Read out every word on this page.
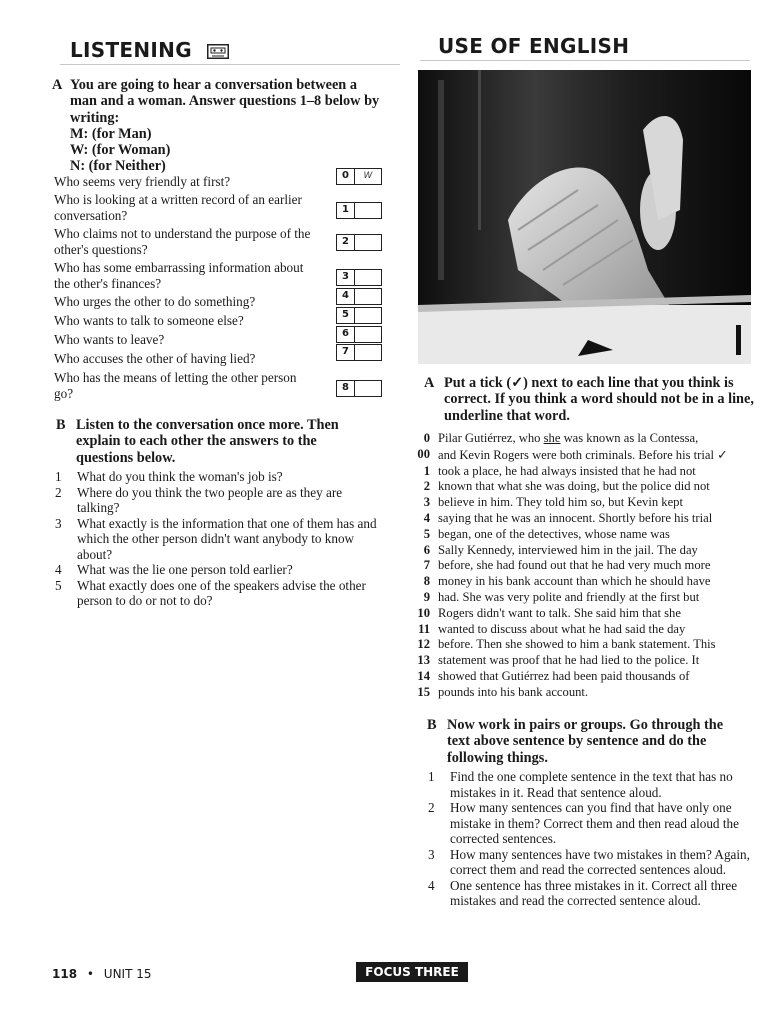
LISTENING
A You are going to hear a conversation between a man and a woman. Answer questions 1–8 below by writing:
M: (for Man)
W: (for Woman)
N: (for Neither)
Who seems very friendly at first?	0	W
Who is looking at a written record of an earlier conversation?	1
Who claims not to understand the purpose of the other's questions?	2
Who has some embarrassing information about the other's finances?	3
Who urges the other to do something?	4
Who wants to talk to someone else?	5
Who wants to leave?	6
Who accuses the other of having lied?	7
Who has the means of letting the other person go?	8
B Listen to the conversation once more. Then explain to each other the answers to the questions below.
1 What do you think the woman's job is?
2 Where do you think the two people are as they are talking?
3 What exactly is the information that one of them has and which the other person didn't want anybody to know about?
4 What was the lie one person told earlier?
5 What exactly does one of the speakers advise the other person to do or not to do?
USE OF ENGLISH
A Put a tick (✓) next to each line that you think is correct. If you think a word should not be in a line, underline that word.
0 Pilar Gutiérrez, who she was known as la Contessa,
00 and Kevin Rogers were both criminals. Before his trial ✓
1 took a place, he had always insisted that he had not
2 known that what she was doing, but the police did not
3 believe in him. They told him so, but Kevin kept
4 saying that he was an innocent. Shortly before his trial
5 began, one of the detectives, whose name was
6 Sally Kennedy, interviewed him in the jail. The day
7 before, she had found out that he had very much more
8 money in his bank account than which he should have
9 had. She was very polite and friendly at the first but
10 Rogers didn't want to talk. She said him that she
11 wanted to discuss about what he had said the day
12 before. Then she showed to him a bank statement. This
13 statement was proof that he had lied to the police. It
14 showed that Gutiérrez had been paid thousands of
15 pounds into his bank account.
B Now work in pairs or groups. Go through the text above sentence by sentence and do the following things.
1 Find the one complete sentence in the text that has no mistakes in it. Read that sentence aloud.
2 How many sentences can you find that have only one mistake in them? Correct them and then read aloud the corrected sentences.
3 How many sentences have two mistakes in them? Again, correct them and read the corrected sentences aloud.
4 One sentence has three mistakes in it. Correct all three mistakes and read the corrected sentence aloud.
118 • UNIT 15	FOCUS THREE
